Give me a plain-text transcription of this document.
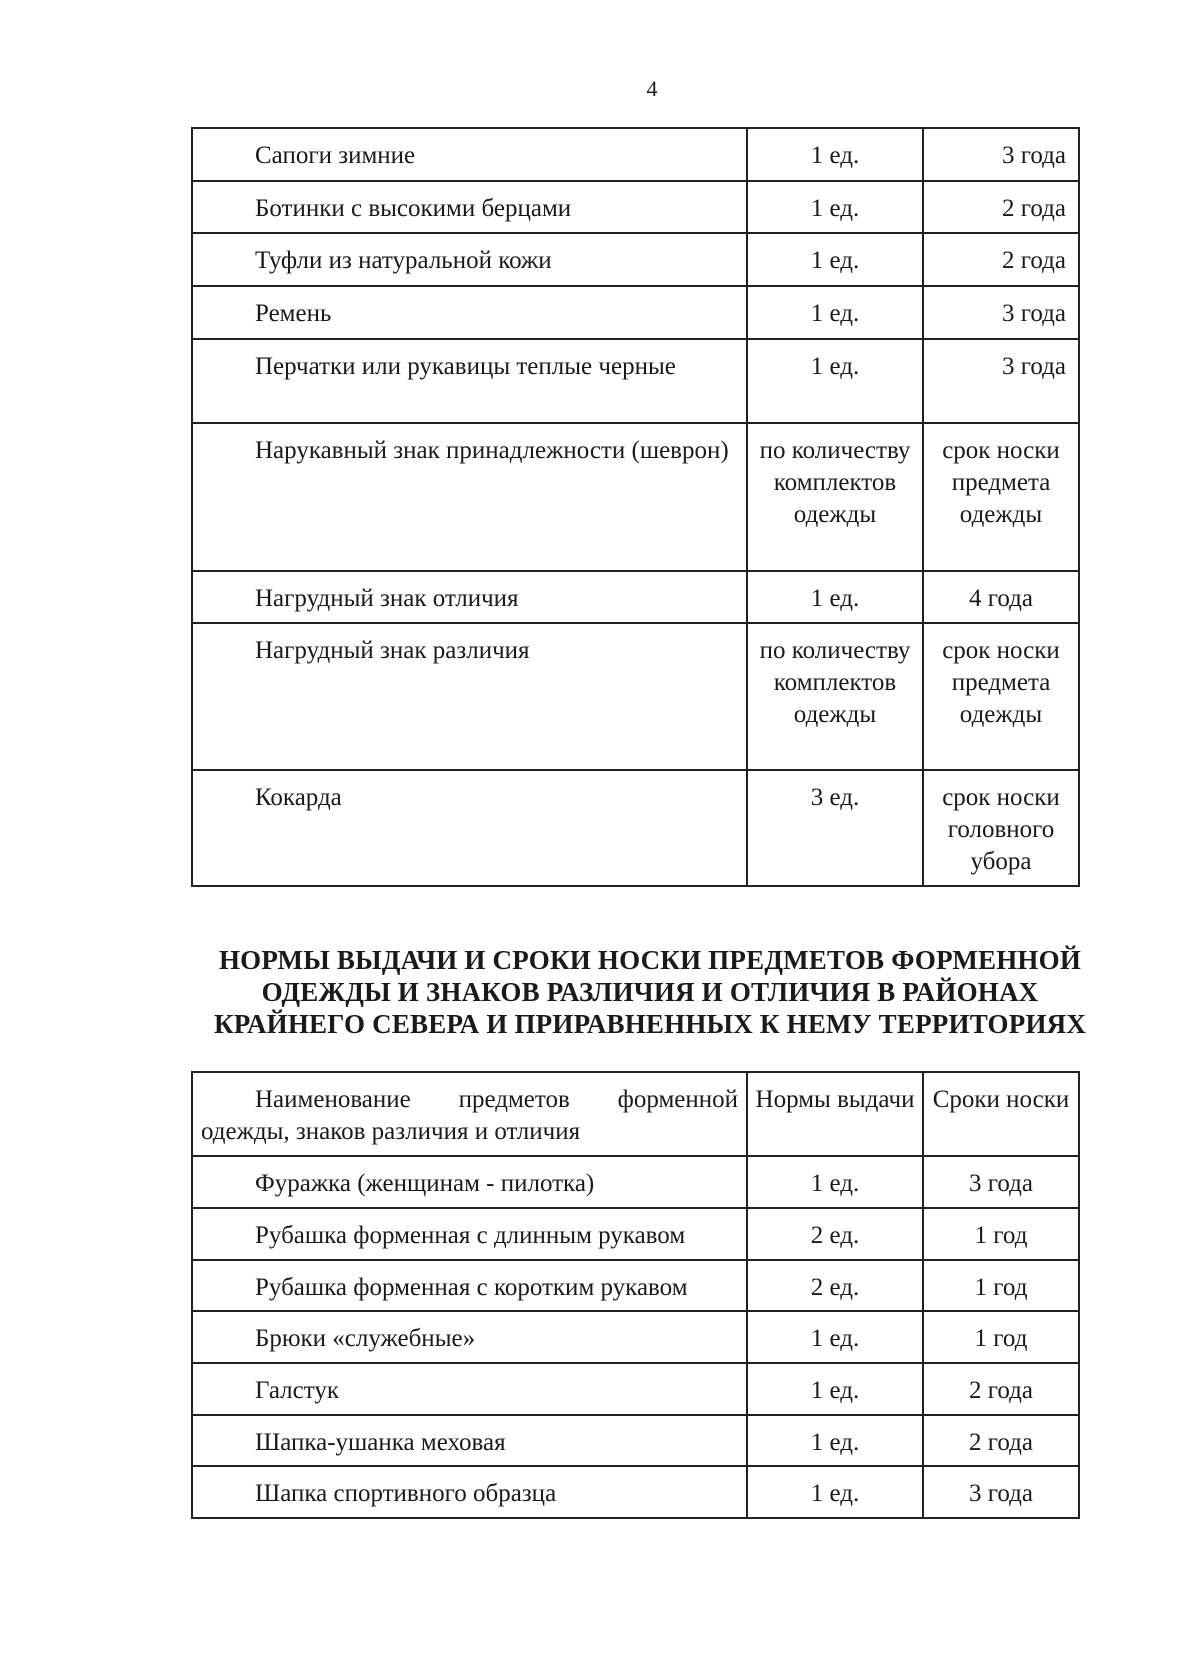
4
Сапоги зимние	1 ед.	3 года
Ботинки с высокими берцами	1 ед.	2 года
Туфли из натуральной кожи	1 ед.	2 года
Ремень	1 ед.	3 года
Перчатки или рукавицы теплые черные	1 ед.	3 года
Нарукавный знак принадлежности (шеврон)	по количеству комплектов одежды	срок носки предмета одежды
Нагрудный знак отличия	1 ед.	4 года
Нагрудный знак различия	по количеству комплектов одежды	срок носки предмета одежды
Кокарда	3 ед.	срок носки головного убора
НОРМЫ ВЫДАЧИ И СРОКИ НОСКИ ПРЕДМЕТОВ ФОРМЕННОЙ
ОДЕЖДЫ И ЗНАКОВ РАЗЛИЧИЯ И ОТЛИЧИЯ В РАЙОНАХ
КРАЙНЕГО СЕВЕРА И ПРИРАВНЕННЫХ К НЕМУ ТЕРРИТОРИЯХ
Наименование предметов форменной одежды, знаков различия и отличия	Нормы выдачи	Сроки носки
Фуражка (женщинам - пилотка)	1 ед.	3 года
Рубашка форменная с длинным рукавом	2 ед.	1 год
Рубашка форменная с коротким рукавом	2 ед.	1 год
Брюки «служебные»	1 ед.	1 год
Галстук	1 ед.	2 года
Шапка-ушанка меховая	1 ед.	2 года
Шапка спортивного образца	1 ед.	3 года
